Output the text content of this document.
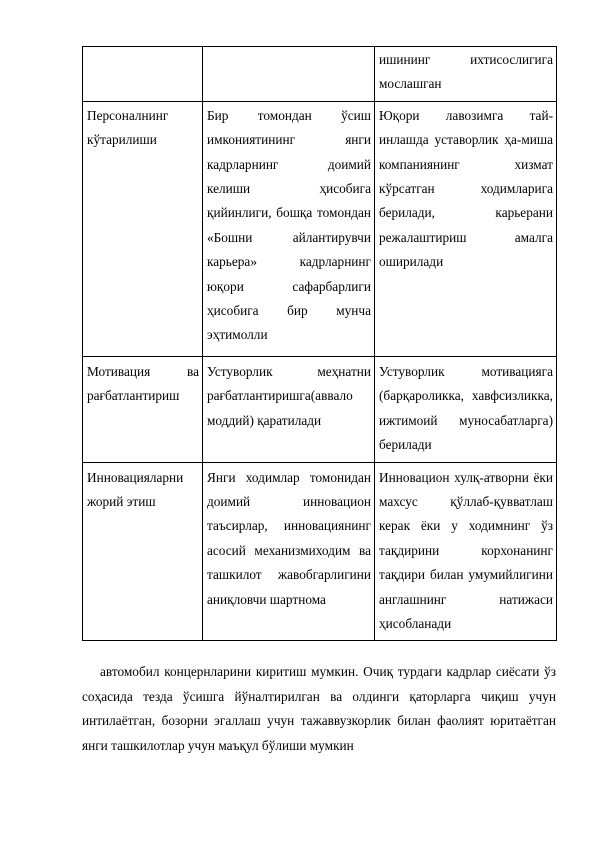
		ишининг ихтисослигига мослашган
Персоналнинг кўтарилиши	Бир томондан ўсиш имкониятининг янги кадрларнинг доимий келиши ҳисобига қийинлиги, бошқа томондан «Бошни айлантирувчи карьера» кадрларнинг юқори сафарбарлиги ҳисобига бир мунча эҳтимолли	Юқори лавозимга тай-инлашда уставорлик ҳа-миша компаниянинг хизмат кўрсатган ходимларига берилади, карьерани режалаштириш амалга оширилади
Мотивация ва рағбатлантириш	Устуворлик меҳнатни рағбатлантиришга(аввало моддий) қаратилади	Устуворлик мотивацияга (барқароликка, хавфсизликка, ижтимоий муносабатларга) берилади
Инновацияларни жорий этиш	Янги ходимлар томонидан доимий инновацион таъсирлар, инновациянинг асосий механизмиходим ва ташкилот жавобгарлигини аниқловчи шартнома	Инновацион хулқ-атворни ёки махсус қўллаб-қувватлаш керак ёки у ходимнинг ўз тақдирини корхонанинг тақдири билан умумийлигини англашнинг натижаси ҳисобланади

автомобил концернларини киритиш мумкин. Очиқ турдаги кадрлар сиёсати ўз соҳасида тезда ўсишга йўналтирилган ва олдинги қаторларга чиқиш учун интилаётган, бозорни эгаллаш учун тажаввузкорлик билан фаолият юритаётган янги ташкилотлар учун маъқул бўлиши мумкин
